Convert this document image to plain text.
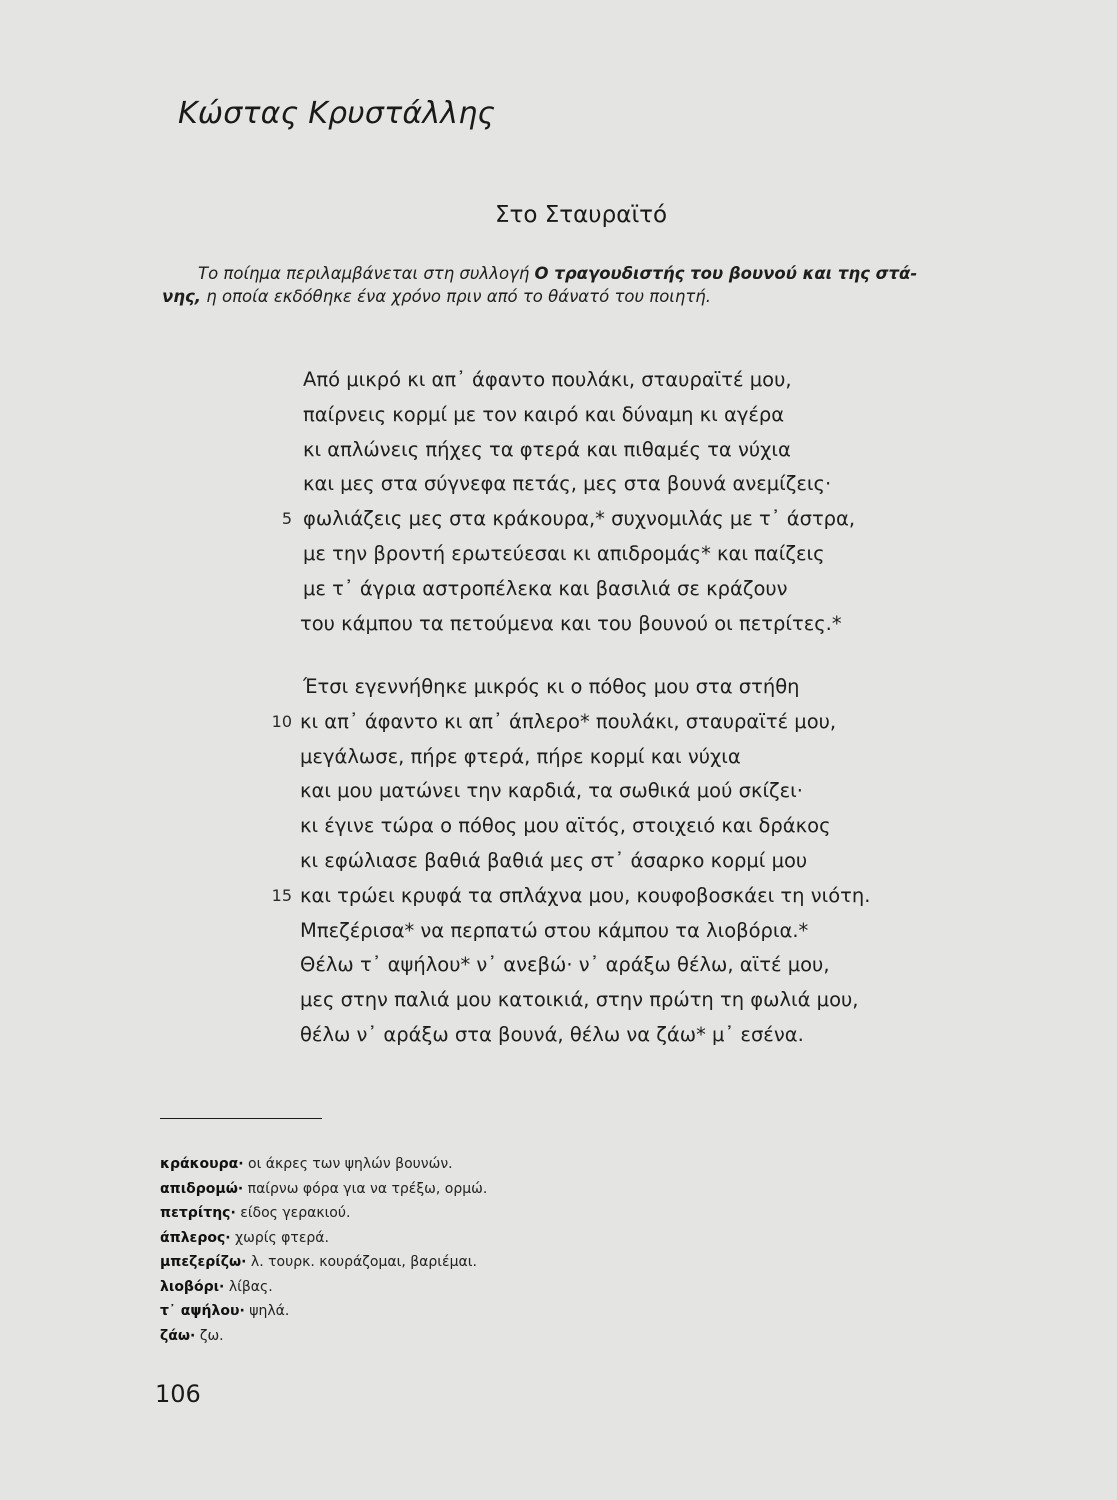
Κώστας Κρυστάλλης
Στο Σταυραϊτό

Το ποίημα περιλαμβάνεται στη συλλογή Ο τραγουδιστής του βουνού και της στά-
νης, η οποία εκδόθηκε ένα χρόνο πριν από το θάνατό του ποιητή.

Από μικρό κι απ᾽ άφαντο πουλάκι, σταυραϊτέ μου,
παίρνεις κορμί με τον καιρό και δύναμη κι αγέρα
κι απλώνεις πήχες τα φτερά και πιθαμές τα νύχια
και μες στα σύγνεφα πετάς, μες στα βουνά ανεμίζεις·
5 φωλιάζεις μες στα κράκουρα,* συχνομιλάς με τ᾽ άστρα,
με την βροντή ερωτεύεσαι κι απιδρομάς* και παίζεις
με τ᾽ άγρια αστροπέλεκα και βασιλιά σε κράζουν
του κάμπου τα πετούμενα και του βουνού οι πετρίτες.*
Έτσι εγεννήθηκε μικρός κι ο πόθος μου στα στήθη
10 κι απ᾽ άφαντο κι απ᾽ άπλερο* πουλάκι, σταυραϊτέ μου,
μεγάλωσε, πήρε φτερά, πήρε κορμί και νύχια
και μου ματώνει την καρδιά, τα σωθικά μού σκίζει·
κι έγινε τώρα ο πόθος μου αϊτός, στοιχειό και δράκος
κι εφώλιασε βαθιά βαθιά μες στ᾽ άσαρκο κορμί μου
15 και τρώει κρυφά τα σπλάχνα μου, κουφοβοσκάει τη νιότη.
Μπεζέρισα* να περπατώ στου κάμπου τα λιοβόρια.*
Θέλω τ᾽ αψήλου* ν᾽ ανεβώ· ν᾽ αράξω θέλω, αϊτέ μου,
μες στην παλιά μου κατοικιά, στην πρώτη τη φωλιά μου,
θέλω ν᾽ αράξω στα βουνά, θέλω να ζάω* μ᾽ εσένα.
κράκουρα· οι άκρες των ψηλών βουνών.
απιδρομώ· παίρνω φόρα για να τρέξω, ορμώ.
πετρίτης· είδος γερακιού.
άπλερος· χωρίς φτερά.
μπεζερίζω· λ. τουρκ. κουράζομαι, βαριέμαι.
λιοβόρι· λίβας.
τ᾽ αψήλου· ψηλά.
ζάω· ζω.
106
